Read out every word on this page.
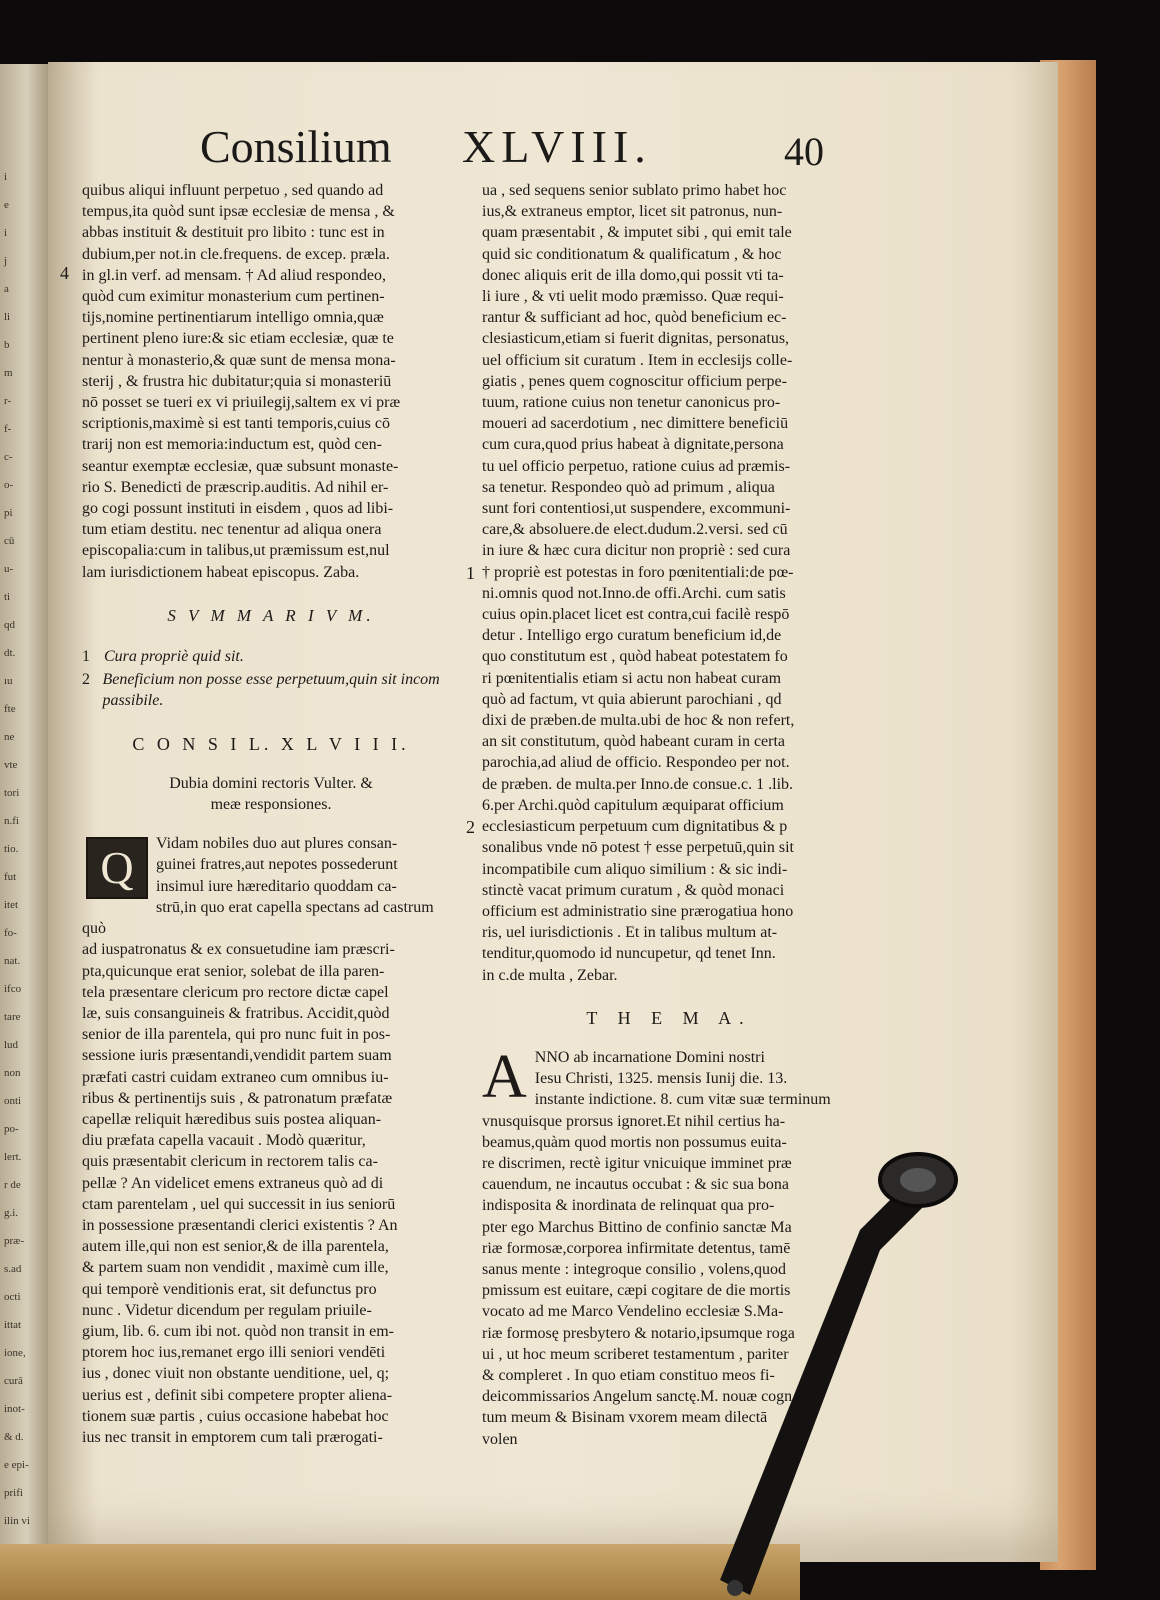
i
e
i
j
a
li
b
m
r-
f-
c-
o-
pi
cū
u-
ti
qd
dt.
ıu
fte
ne
vte
tori
n.fi
tio.
fut
itet
fo-
nat.
ifco
tare
lud
non
onti
po-
lert.
r de
g.i.
præ-
s.ad
octi
ittat
ione,
curā
inot-
& d.
e epi-
prifi
ilin vi
Consilium XLVIII.	40
quibus aliqui influunt perpetuo , sed quando ad
tempus,ita quòd sunt ipsæ ecclesiæ de mensa , &
abbas instituit & destituit pro libito : tunc est in
dubium,per not.in cle.frequens. de excep. præla.
in gl.in verf. ad mensam. † Ad aliud respondeo,
quòd cum eximitur monasterium cum pertinen-
tijs,nomine pertinentiarum intelligo omnia,quæ
pertinent pleno iure:& sic etiam ecclesiæ, quæ te
nentur à monasterio,& quæ sunt de mensa mona-
sterij , & frustra hic dubitatur;quia si monasteriū
nō posset se tueri ex vi priuilegij,saltem ex vi præ
scriptionis,maximè si est tanti temporis,cuius cō
trarij non est memoria:inductum est, quòd cen-
seantur exemptæ ecclesiæ, quæ subsunt monaste-
rio S. Benedicti de præscrip.auditis. Ad nihil er-
go cogi possunt instituti in eisdem , quos ad libi-
tum etiam destitu. nec tenentur ad aliqua onera
episcopalia:cum in talibus,ut præmissum est,nul
lam iurisdictionem habeat episcopus. Zaba.
S V M M A R I V M.
1 Cura propriè quid sit.
2 Beneficium non posse esse perpetuum,quin sit incom passibile.
C O N S I L. X L V I I I.
Dubia domini rectoris Vulter. &
meæ responsiones.
Q	Vidam nobiles duo aut plures consan-
guinei fratres,aut nepotes possederunt
insimul iure hæreditario quoddam ca-
strū,in quo erat capella spectans ad castrum quò
ad iuspatronatus & ex consuetudine iam præscri-
pta,quicunque erat senior, solebat de illa paren-
tela præsentare clericum pro rectore dictæ capel
læ, suis consanguineis & fratribus. Accidit,quòd
senior de illa parentela, qui pro nunc fuit in pos-
sessione iuris præsentandi,vendidit partem suam
præfati castri cuidam extraneo cum omnibus iu-
ribus & pertinentijs suis , & patronatum præfatæ
capellæ reliquit hæredibus suis postea aliquan-
diu præfata capella vacauit . Modò quæritur,
quis præsentabit clericum in rectorem talis ca-
pellæ ? An videlicet emens extraneus quò ad di
ctam parentelam , uel qui successit in ius seniorū
in possessione præsentandi clerici existentis ? An
autem ille,qui non est senior,& de illa parentela,
& partem suam non vendidit , maximè cum ille,
qui temporè venditionis erat, sit defunctus pro
nunc . Videtur dicendum per regulam priuile-
gium, lib. 6. cum ibi not. quòd non transit in em-
ptorem hoc ius,remanet ergo illi seniori vendēti
ius , donec viuit non obstante uenditione, uel, q;
uerius est , definit sibi competere propter aliena-
tionem suæ partis , cuius occasione habebat hoc
ius nec transit in emptorem cum tali prærogati-
4
ua , sed sequens senior sublato primo habet hoc
ius,& extraneus emptor, licet sit patronus, nun-
quam præsentabit , & imputet sibi , qui emit tale
quid sic conditionatum & qualificatum , & hoc
donec aliquis erit de illa domo,qui possit vti ta-
li iure , & vti uelit modo præmisso. Quæ requi-
rantur & sufficiant ad hoc, quòd beneficium ec-
clesiasticum,etiam si fuerit dignitas, personatus,
uel officium sit curatum . Item in ecclesijs colle-
giatis , penes quem cognoscitur officium perpe-
tuum, ratione cuius non tenetur canonicus pro-
moueri ad sacerdotium , nec dimittere beneficiū
cum cura,quod prius habeat à dignitate,persona
tu uel officio perpetuo, ratione cuius ad præmis-
sa tenetur. Respondeo quò ad primum , aliqua
sunt fori contentiosi,ut suspendere, excommuni-
care,& absoluere.de elect.dudum.2.versi. sed cū
in iure & hæc cura dicitur non propriè : sed cura
† propriè est potestas in foro pœnitentiali:de pœ-
ni.omnis quod not.Inno.de offi.Archi. cum satis
cuius opin.placet licet est contra,cui facilè respō
detur . Intelligo ergo curatum beneficium id,de
quo constitutum est , quòd habeat potestatem fo
ri pœnitentialis etiam si actu non habeat curam
quò ad factum, vt quia abierunt parochiani , qd
dixi de præben.de multa.ubi de hoc & non refert,
an sit constitutum, quòd habeant curam in certa
parochia,ad aliud de officio. Respondeo per not.
de præben. de multa.per Inno.de consue.c. 1 .lib.
6.per Archi.quòd capitulum æquiparat officium
ecclesiasticum perpetuum cum dignitatibus & p
sonalibus vnde nō potest † esse perpetuū,quin sit
incompatibile cum aliquo similium : & sic indi-
stinctè vacat primum curatum , & quòd monaci
officium est administratio sine prærogatiua hono
ris, uel iurisdictionis . Et in talibus multum at-
tenditur,quomodo id nuncupetur, qd tenet Inn.
in c.de multa , Zebar.
T H E M A.
A NNO ab incarnatione Domini nostri
Iesu Christi, 1325. mensis Iunij die. 13.
instante indictione. 8. cum vitæ suæ terminum
vnusquisque prorsus ignoret.Et nihil certius ha-
beamus,quàm quod mortis non possumus euita-
re discrimen, rectè igitur vnicuique imminet præ
cauendum, ne incautus occubat : & sic sua bona
indisposita & inordinata de relinquat qua pro-
pter ego Marchus Bittino de confinio sanctæ Ma
riæ formosæ,corporea infirmitate detentus, tamē
sanus mente : integroque consilio , volens,quod
pmissum est euitare, cæpi cogitare de die mortis
vocato ad me Marco Vendelino ecclesiæ S.Ma-
riæ formosę presbytero & notario,ipsumque roga
ui , ut hoc meum scriberet testamentum , pariter
& compleret . In quo etiam constituo meos fi-
deicommissarios Angelum sanctę.M. nouæ cogn
tum meum & Bisinam vxorem meam dilectā
volen
1
2
